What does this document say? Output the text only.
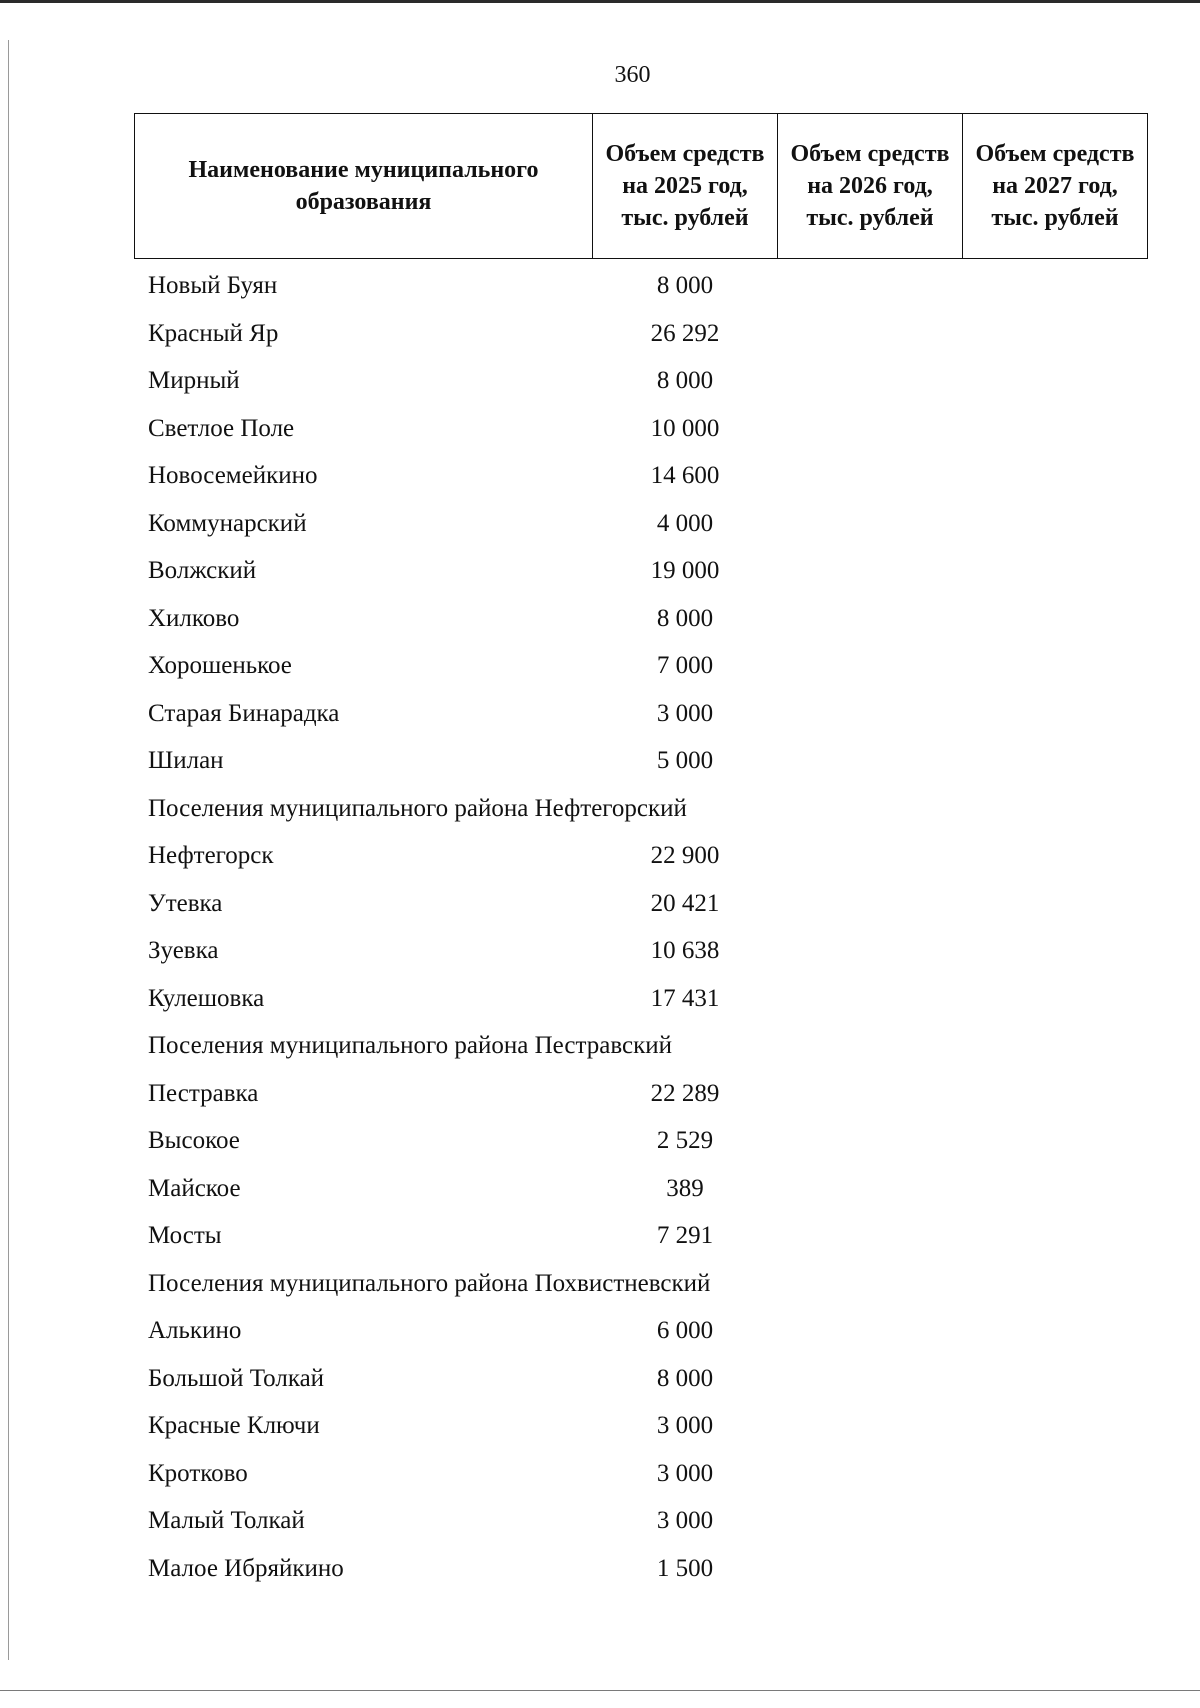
360
Наименование муниципального образования	Объем средств на 2025 год, тыс. рублей	Объем средств на 2026 год, тыс. рублей	Объем средств на 2027 год, тыс. рублей
Новый Буян	8 000
Красный Яр	26 292
Мирный	8 000
Светлое Поле	10 000
Новосемейкино	14 600
Коммунарский	4 000
Волжский	19 000
Хилково	8 000
Хорошенькое	7 000
Старая Бинарадка	3 000
Шилан	5 000
Поселения муниципального района Нефтегорский
Нефтегорск	22 900
Утевка	20 421
Зуевка	10 638
Кулешовка	17 431
Поселения муниципального района Пестравский
Пестравка	22 289
Высокое	2 529
Майское	389
Мосты	7 291
Поселения муниципального района Похвистневский
Алькино	6 000
Большой Толкай	8 000
Красные Ключи	3 000
Кротково	3 000
Малый Толкай	3 000
Малое Ибряйкино	1 500
